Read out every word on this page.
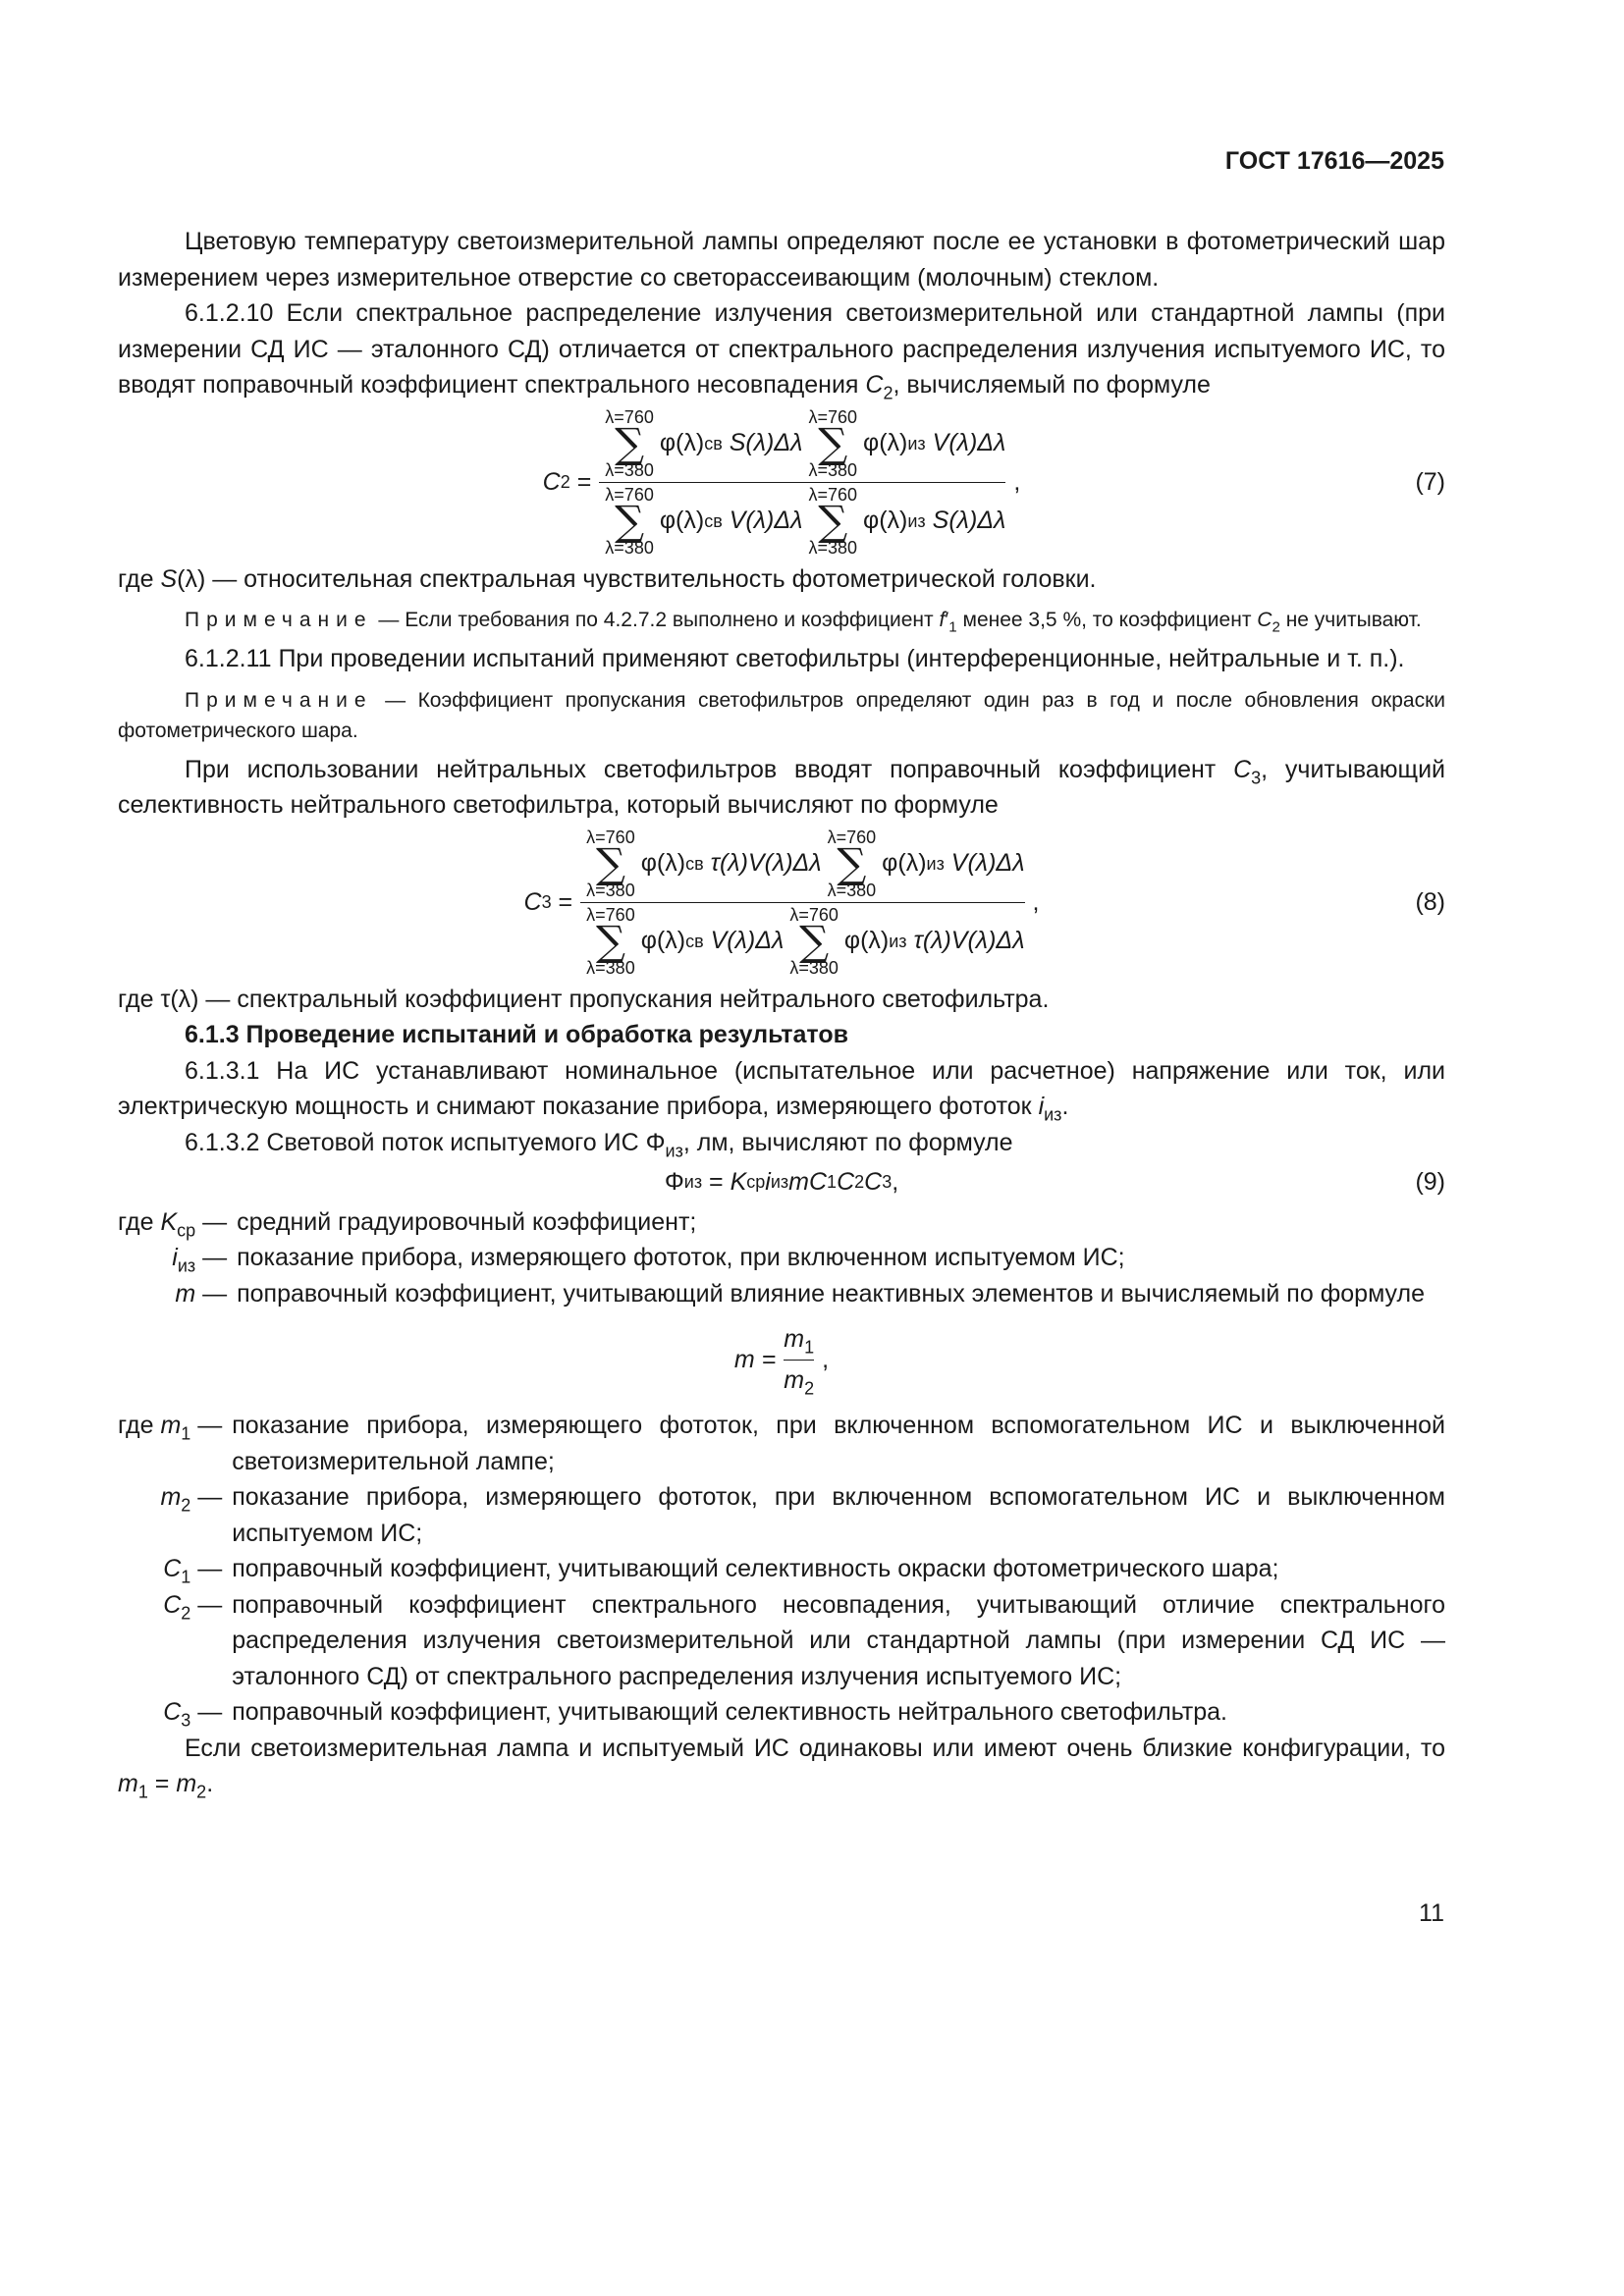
ГОСТ 17616—2025

Цветовую температуру светоизмерительной лампы определяют после ее установки в фотометрический шар измерением через измерительное отверстие со светорассеивающим (молочным) стеклом.

6.1.2.10 Если спектральное распределение излучения светоизмерительной или стандартной лампы (при измерении СД ИС — эталонного СД) отличается от спектрального распределения излучения испытуемого ИС, то вводят поправочный коэффициент спектрального несовпадения $C_2$, вычисляемый по формуле

C 2 =
λ=760
∑
λ=380
φ(λ) св
S(λ)Δλ
λ=760
∑
λ=380
φ(λ) из
V(λ)Δλ
λ=760
∑
λ=380
φ(λ) св
V(λ)Δλ
λ=760
∑
λ=380
φ(λ) из
S(λ)Δλ
,	(7)

где S(λ) — относительная спектральная чувствительность фотометрической головки.

Примечание — Если требования по 4.2.7.2 выполнено и коэффициент $f'_1$ менее 3,5 %, то коэффициент $C_2$ не учитывают.

6.1.2.11 При проведении испытаний применяют светофильтры (интерференционные, нейтральные и т. п.).

Примечание — Коэффициент пропускания светофильтров определяют один раз в год и после обновления окраски фотометрического шара.

При использовании нейтральных светофильтров вводят поправочный коэффициент $C_3$, учитывающий селективность нейтрального светофильтра, который вычисляют по формуле

C 3 =
λ=760
∑
λ=380
φ(λ) св
τ(λ)V(λ)Δλ
λ=760
∑
λ=380
φ(λ) из
V(λ)Δλ
λ=760
∑
λ=380
φ(λ) св
V(λ)Δλ
λ=760
∑
λ=380
φ(λ) из
τ(λ)V(λ)Δλ
,	(8)

где τ(λ) — спектральный коэффициент пропускания нейтрального светофильтра.

6.1.3 Проведение испытаний и обработка результатов

6.1.3.1 На ИС устанавливают номинальное (испытательное или расчетное) напряжение или ток, или электрическую мощность и снимают показание прибора, измеряющего фототок $i_{из}$.

6.1.3.2 Световой поток испытуемого ИС $\Phi_{из}$, лм, вычисляют по формуле

Φ из = K ср i из mC 1 C 2 C 3 ,	(9)
где $K_{ср}$ — средний градуировочный коэффициент;
$i_{из}$ — показание прибора, измеряющего фототок, при включенном испытуемом ИС;
m — поправочный коэффициент, учитывающий влияние неактивных элементов и вычисляемый по формуле
$m = \frac{m_1}{m_2}$ ,
где $m_1$ — показание прибора, измеряющего фототок, при включенном вспомогательном ИС и выключенной светоизмерительной лампе;
$m_2$ — показание прибора, измеряющего фототок, при включенном вспомогательном ИС и выключенном испытуемом ИС;
$C_1$ — поправочный коэффициент, учитывающий селективность окраски фотометрического шара;
$C_2$ — поправочный коэффициент спектрального несовпадения, учитывающий отличие спектрального распределения излучения светоизмерительной или стандартной лампы (при измерении СД ИС — эталонного СД) от спектрального распределения излучения испытуемого ИС;
$C_3$ — поправочный коэффициент, учитывающий селективность нейтрального светофильтра.

Если светоизмерительная лампа и испытуемый ИС одинаковы или имеют очень близкие конфигурации, то $m_1 = m_2$.

11
